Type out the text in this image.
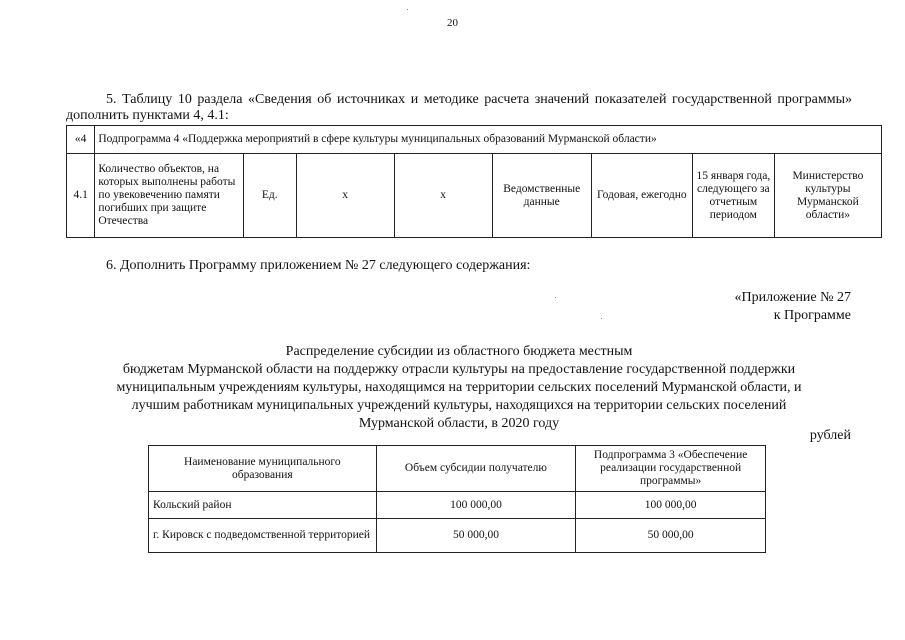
20
5. Таблицу 10 раздела «Сведения об источниках и методике расчета значений показателей государственной программы» дополнить пунктами 4, 4.1:
«4	Подпрограмма 4 «Поддержка мероприятий в сфере культуры муниципальных образований Мурманской области»							
4.1	Количество объектов, на которых выполнены работы по увековечению памяти погибших при защите Отечества	Ед.	х	х	Ведомственные данные	Годовая, ежегодно	15 января года, следующего за отчетным периодом	Министерство культуры Мурманской области»
6. Дополнить Программу приложением № 27 следующего содержания:
«Приложение № 27
к Программе
Распределение субсидии из областного бюджета местным
бюджетам Мурманской области на поддержку отрасли культуры на предоставление государственной поддержки
муниципальным учреждениям культуры, находящимся на территории сельских поселений Мурманской области, и
лучшим работникам муниципальных учреждений культуры, находящихся на территории сельских поселений
Мурманской области, в 2020 году
рублей
Наименование муниципального образования	Объем субсидии получателю	Подпрограмма 3 «Обеспечение реализации государственной программы»
Кольский район	100 000,00	100 000,00
г. Кировск с подведомственной территорией	50 000,00	50 000,00
